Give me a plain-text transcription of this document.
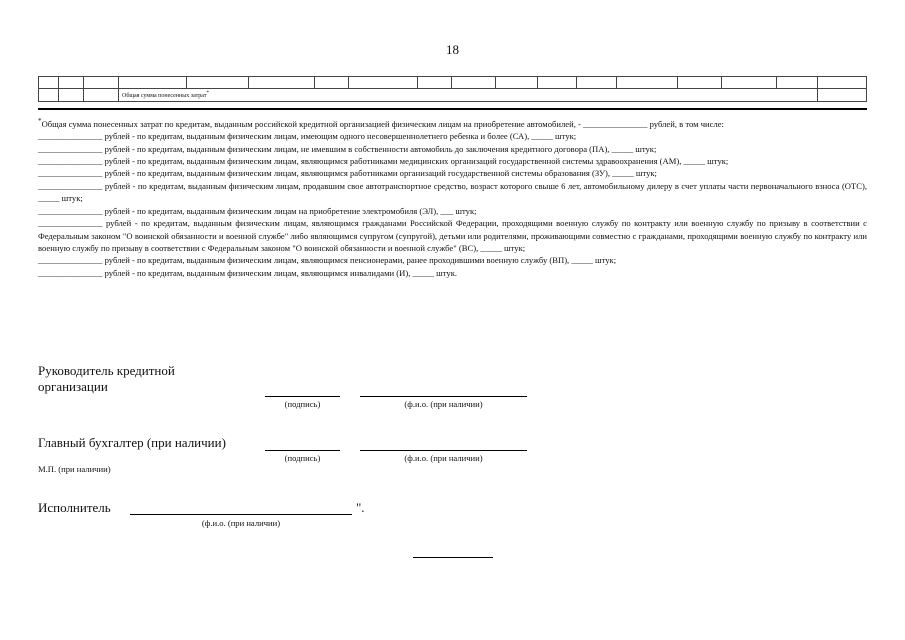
18

			Общая сумма понесенных затрат*	

*Общая сумма понесенных затрат по кредитам, выданным российской кредитной организацией физическим лицам на приобретение автомобилей, - _______________ рублей, в том числе:

_______________ рублей - по кредитам, выданным физическим лицам, имеющим одного несовершеннолетнего ребенка и более (СА), _____ штук;

_______________ рублей - по кредитам, выданным физическим лицам, не имевшим в собственности автомобиль до заключения кредитного договора (ПА), _____ штук;

_______________ рублей - по кредитам, выданным физическим лицам, являющимся работниками медицинских организаций государственной системы здравоохранения (АМ), _____ штук;

_______________ рублей - по кредитам, выданным физическим лицам, являющимся работниками организаций государственной системы образования (ЗУ), _____ штук;

_______________ рублей - по кредитам, выданным физическим лицам, продавшим свое автотранспортное средство, возраст которого свыше 6 лет, автомобильному дилеру в счет уплаты части первоначального взноса (ОТС), _____ штук;

_______________ рублей - по кредитам, выданным физическим лицам на приобретение электромобиля (ЭЛ), ___ штук;

_______________ рублей - по кредитам, выданным физическим лицам, являющимся гражданами Российской Федерации, проходящими военную службу по контракту или военную службу по призыву в соответствии с Федеральным законом "О воинской обязанности и военной службе" либо являющимся супругом (супругой), детьми или родителями, проживающими совместно с гражданами, проходящими военную службу по контракту или военную службу по призыву в соответствии с Федеральным законом "О воинской обязанности и военной службе" (ВС), _____ штук;

_______________ рублей - по кредитам, выданным физическим лицам, являющимся пенсионерами, ранее проходившими военную службу (ВП), _____ штук;

_______________ рублей - по кредитам, выданным физическим лицам, являющимся инвалидами (И), _____ штук.

Руководитель кредитной
организации
(подпись)	(ф.и.о. (при наличии)
Главный бухгалтер (при наличии)
(подпись)	(ф.и.о. (при наличии)
М.П. (при наличии)
Исполнитель	".
(ф.и.о. (при наличии)
